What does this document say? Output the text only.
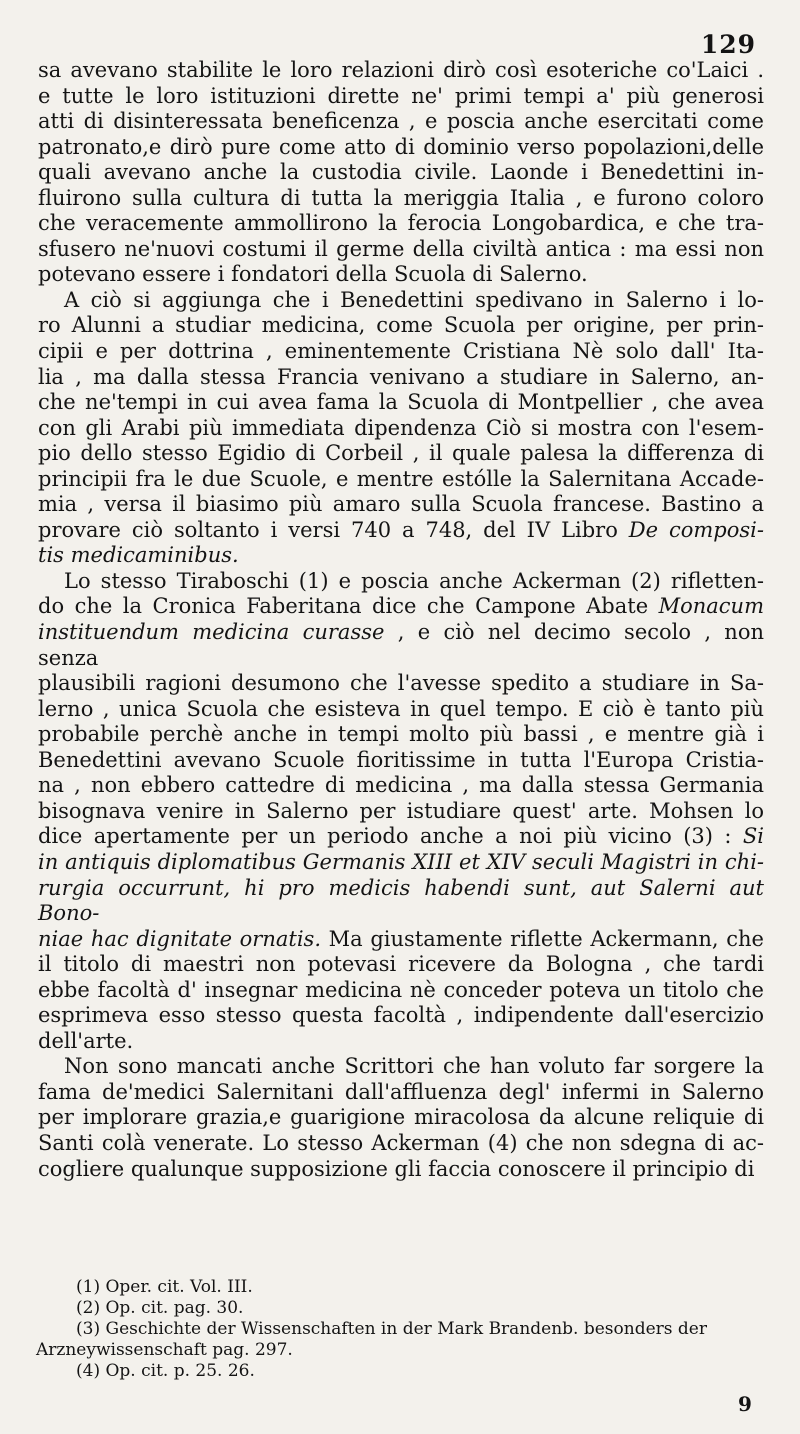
129
sa avevano stabilite le loro relazioni dirò così esoteriche co'Laici .
e tutte le loro istituzioni dirette ne' primi tempi a' più generosi
atti di disinteressata beneficenza , e poscia anche esercitati come
patronato,e dirò pure come atto di dominio verso popolazioni,delle
quali avevano anche la custodia civile. Laonde i Benedettini in-
fluirono sulla cultura di tutta la meriggia Italia , e furono coloro
che veracemente ammollirono la ferocia Longobardica, e che tra-
sfusero ne'nuovi costumi il germe della civiltà antica : ma essi non
potevano essere i fondatori della Scuola di Salerno.
A ciò si aggiunga che i Benedettini spedivano in Salerno i lo-
ro Alunni a studiar medicina, come Scuola per origine, per prin-
cipii e per dottrina , eminentemente Cristiana Nè solo dall' Ita-
lia , ma dalla stessa Francia venivano a studiare in Salerno, an-
che ne'tempi in cui avea fama la Scuola di Montpellier , che avea
con gli Arabi più immediata dipendenza Ciò si mostra con l'esem-
pio dello stesso Egidio di Corbeil , il quale palesa la differenza di
principii fra le due Scuole, e mentre estólle la Salernitana Accade-
mia , versa il biasimo più amaro sulla Scuola francese. Bastino a
provare ciò soltanto i versi 740 a 748, del IV Libro De composi-
tis medicaminibus.
Lo stesso Tiraboschi (1) e poscia anche Ackerman (2) rifletten-
do che la Cronica Faberitana dice che Campone Abate Monacum
instituendum medicina curasse , e ciò nel decimo secolo , non senza
plausibili ragioni desumono che l'avesse spedito a studiare in Sa-
lerno , unica Scuola che esisteva in quel tempo. E ciò è tanto più
probabile perchè anche in tempi molto più bassi , e mentre già i
Benedettini avevano Scuole fioritissime in tutta l'Europa Cristia-
na , non ebbero cattedre di medicina , ma dalla stessa Germania
bisognava venire in Salerno per istudiare quest' arte. Mohsen lo
dice apertamente per un periodo anche a noi più vicino (3) : Si
in antiquis diplomatibus Germanis XIII et XIV seculi Magistri in chi-
rurgia occurrunt, hi pro medicis habendi sunt, aut Salerni aut Bono-
niae hac dignitate ornatis. Ma giustamente riflette Ackermann, che
il titolo di maestri non potevasi ricevere da Bologna , che tardi
ebbe facoltà d' insegnar medicina nè conceder poteva un titolo che
esprimeva esso stesso questa facoltà , indipendente dall'esercizio
dell'arte.
Non sono mancati anche Scrittori che han voluto far sorgere la
fama de'medici Salernitani dall'affluenza degl' infermi in Salerno
per implorare grazia,e guarigione miracolosa da alcune reliquie di
Santi colà venerate. Lo stesso Ackerman (4) che non sdegna di ac-
cogliere qualunque supposizione gli faccia conoscere il principio di
(1) Oper. cit. Vol. III.
(2) Op. cit. pag. 30.
(3) Geschichte der Wissenschaften in der Mark Brandenb. besonders der
Arzneywissenschaft pag. 297.
(4) Op. cit. p. 25. 26.
9
